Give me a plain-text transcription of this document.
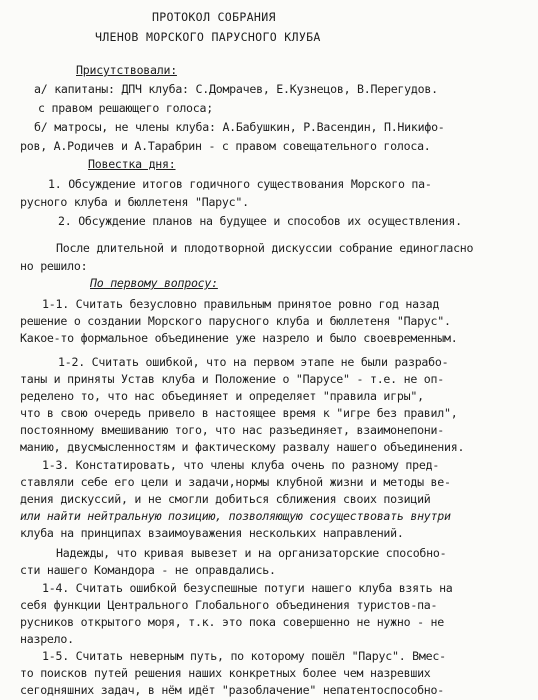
ПРОТОКОЛ СОБРАНИЯ
ЧЛЕНОВ МОРСКОГО ПАРУСНОГО КЛУБА
Присутствовали:
а/ капитаны: ДПЧ клуба: С.Домрачев, Е.Кузнецов, В.Перегудов.
с правом решающего голоса;
б/ матросы, не члены клуба: А.Бабушкин, Р.Васендин, П.Никифо-
ров, А.Родичев и А.Тарабрин - с правом совещательного голоса.
Повестка дня:
1. Обсуждение итогов годичного существования Морского па-
русного клуба и бюллетеня "Парус".
2. Обсуждение планов на будущее и способов их осуществления.
После длительной и плодотворной дискуссии собрание единогласно
но решило:
По первому вопросу:
1-1. Считать безусловно правильным принятое ровно год назад
решение о создании Морского парусного клуба и бюллетеня "Парус".
Какое-то формальное объединение уже назрело и было своевременным.
1-2. Считать ошибкой, что на первом этапе не были разрабо-
таны и приняты Устав клуба и Положение о "Парусе" - т.е. не оп-
ределено то, что нас объединяет и определяет "правила игры",
что в свою очередь привело в настоящее время к "игре без правил",
постоянному вмешиванию того, что нас разъединяет, взаимонепони-
манию, двусмысленностям и фактическому развалу нашего объединения.
1-3. Констатировать, что члены клуба очень по разному пред-
ставляли себе его цели и задачи,нормы клубной жизни и методы ве-
дения дискуссий, и не смогли добиться сближения своих позиций
или найти нейтральную позицию, позволяющую сосуществовать внутри
клуба на принципах взаимоуважения нескольких направлений.
Надежды, что кривая вывезет и на организаторские способно-
сти нашего Командора - не оправдались.
1-4. Считать ошибкой безуспешные потуги нашего клуба взять на
себя функции Центрального Глобального объединения туристов-па-
русников открытого моря, т.к. это пока совершенно не нужно - не
назрело.
1-5. Считать неверным путь, по которому пошёл "Парус". Вмес-
то поисков путей решения наших конкретных более чем назревших
сегодняшних задач, в нём идёт "разоблачение" непатентоспособно-
